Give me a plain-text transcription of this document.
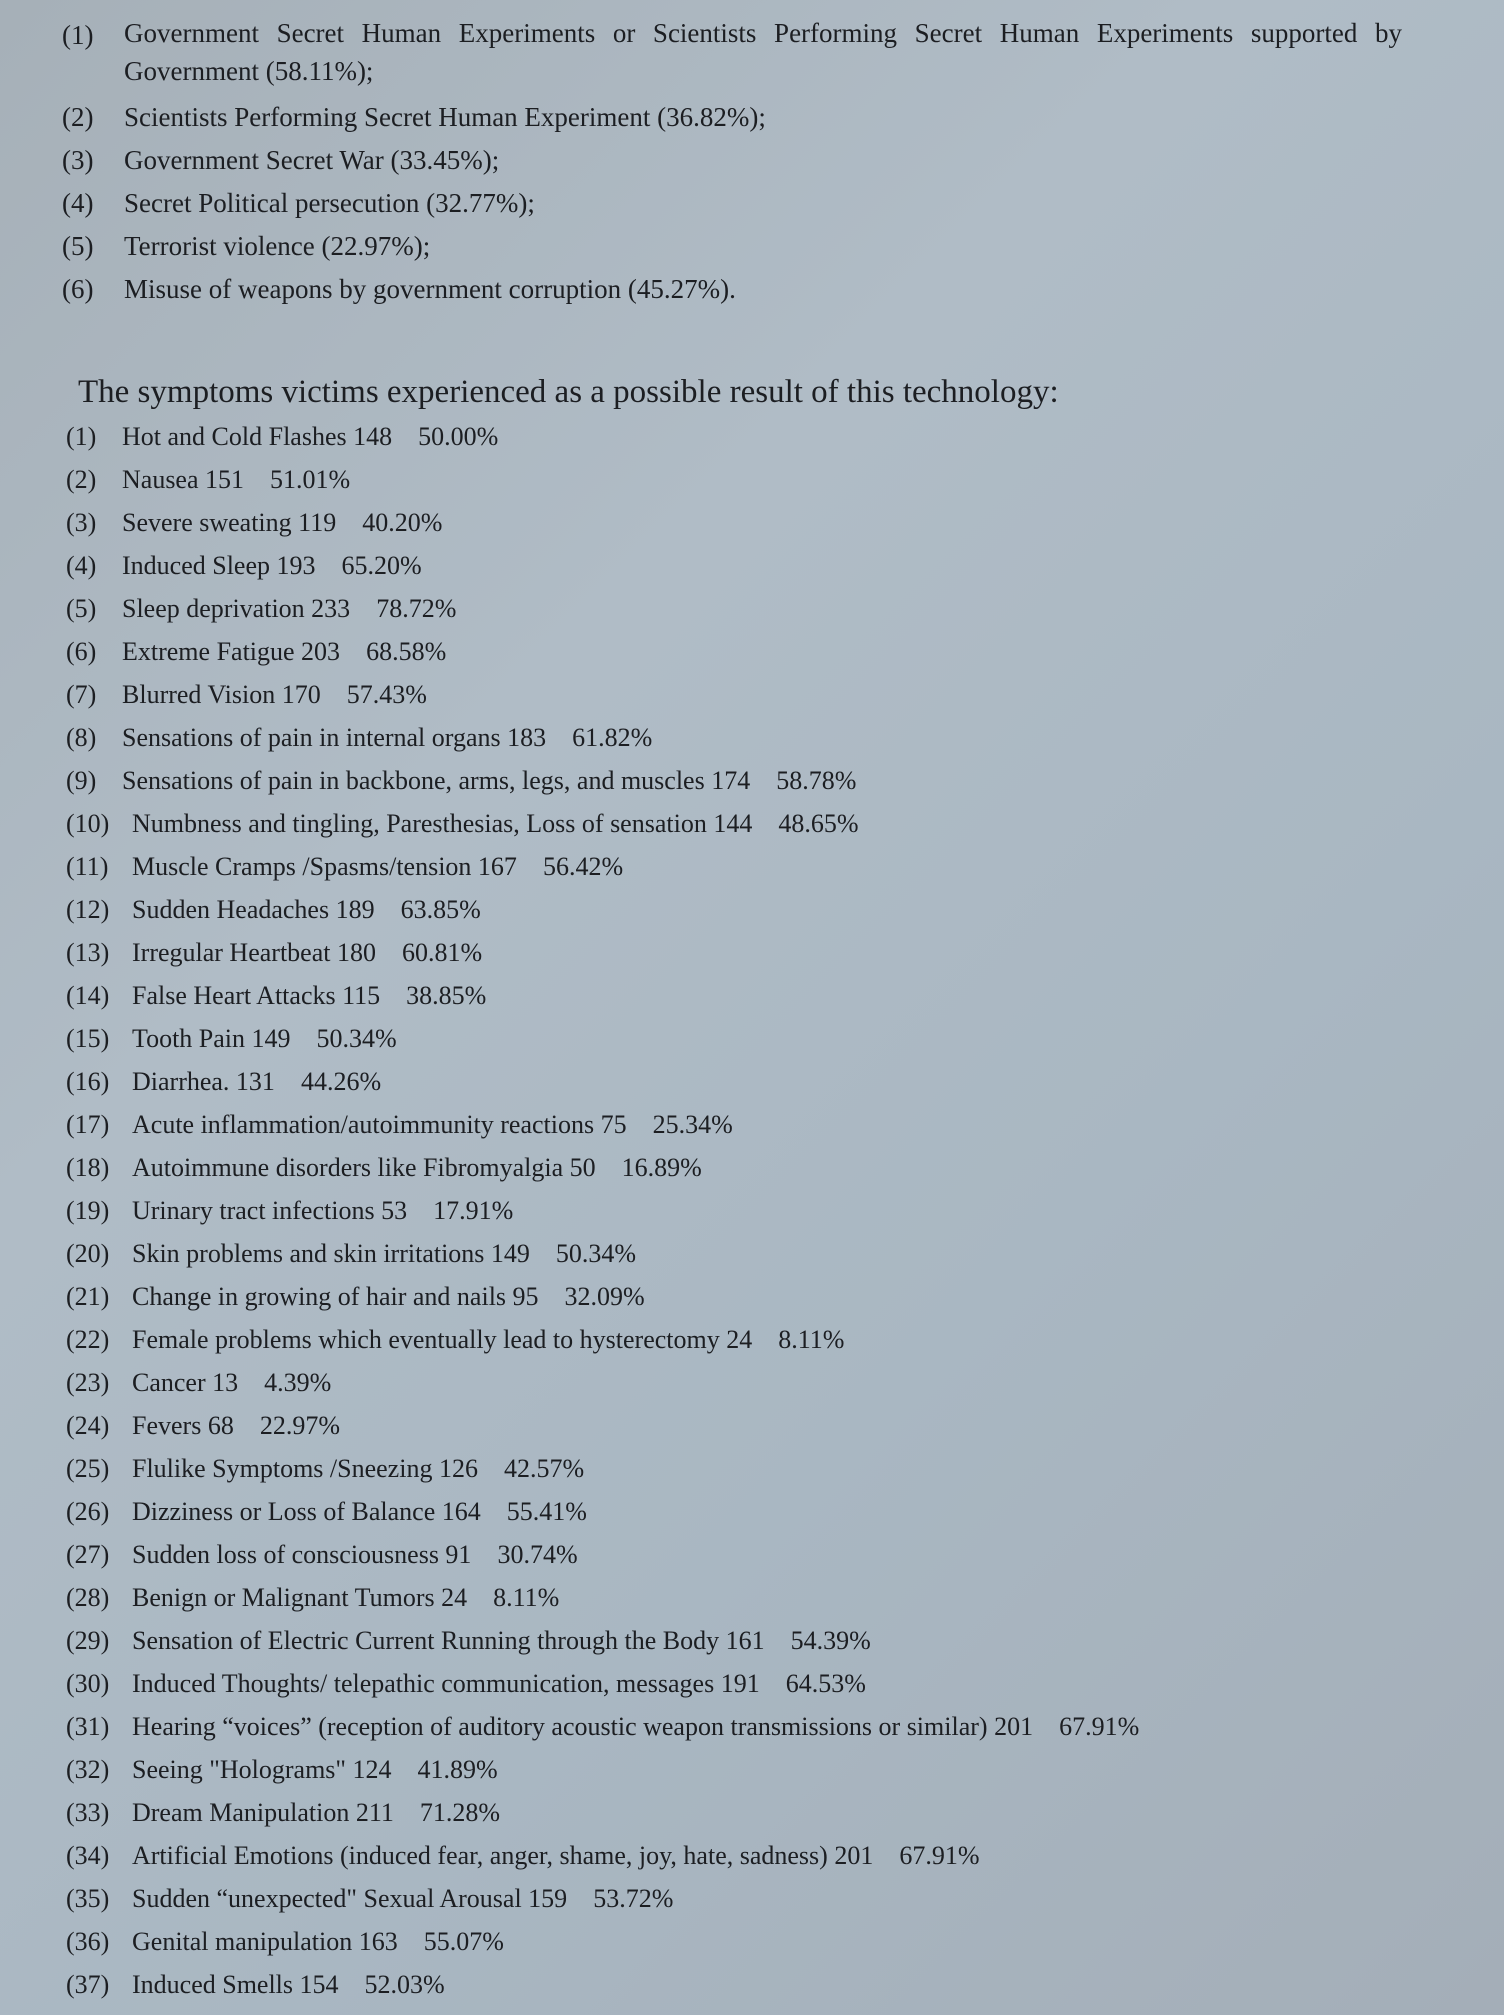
(1)	Government Secret Human Experiments or Scientists Performing Secret Human Experiments supported by Government (58.11%);
(2)	Scientists Performing Secret Human Experiment (36.82%);
(3)	Government Secret War (33.45%);
(4)	Secret Political persecution (32.77%);
(5)	Terrorist violence (22.97%);
(6)	Misuse of weapons by government corruption (45.27%).
The symptoms victims experienced as a possible result of this technology:
(1) Hot and Cold Flashes 148 50.00%
(2) Nausea 151 51.01%
(3) Severe sweating 119 40.20%
(4) Induced Sleep 193 65.20%
(5) Sleep deprivation 233 78.72%
(6) Extreme Fatigue 203 68.58%
(7) Blurred Vision 170 57.43%
(8) Sensations of pain in internal organs 183 61.82%
(9) Sensations of pain in backbone, arms, legs, and muscles 174 58.78%
(10) Numbness and tingling, Paresthesias, Loss of sensation 144 48.65%
(11) Muscle Cramps /Spasms/tension 167 56.42%
(12) Sudden Headaches 189 63.85%
(13) Irregular Heartbeat 180 60.81%
(14) False Heart Attacks 115 38.85%
(15) Tooth Pain 149 50.34%
(16) Diarrhea. 131 44.26%
(17) Acute inflammation/autoimmunity reactions 75 25.34%
(18) Autoimmune disorders like Fibromyalgia 50 16.89%
(19) Urinary tract infections 53 17.91%
(20) Skin problems and skin irritations 149 50.34%
(21) Change in growing of hair and nails 95 32.09%
(22) Female problems which eventually lead to hysterectomy 24 8.11%
(23) Cancer 13 4.39%
(24) Fevers 68 22.97%
(25) Flulike Symptoms /Sneezing 126 42.57%
(26) Dizziness or Loss of Balance 164 55.41%
(27) Sudden loss of consciousness 91 30.74%
(28) Benign or Malignant Tumors 24 8.11%
(29) Sensation of Electric Current Running through the Body 161 54.39%
(30) Induced Thoughts/ telepathic communication, messages 191 64.53%
(31) Hearing “voices” (reception of auditory acoustic weapon transmissions or similar) 201 67.91%
(32) Seeing "Holograms" 124 41.89%
(33) Dream Manipulation 211 71.28%
(34) Artificial Emotions (induced fear, anger, shame, joy, hate, sadness) 201 67.91%
(35) Sudden “unexpected" Sexual Arousal 159 53.72%
(36) Genital manipulation 163 55.07%
(37) Induced Smells 154 52.03%
